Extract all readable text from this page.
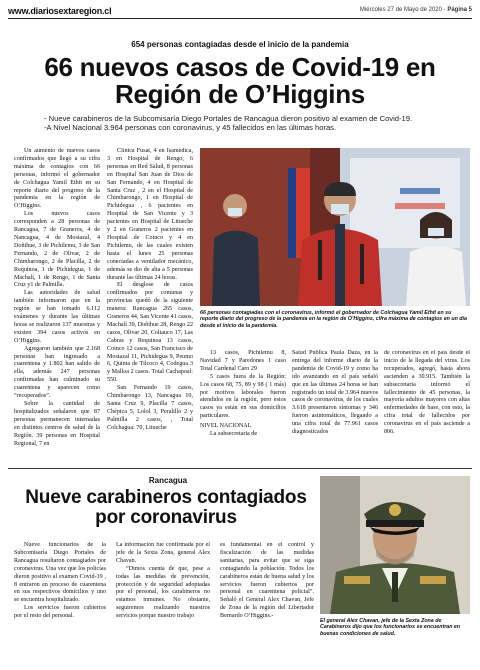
www.diariosextaregion.cl	Miércoles 27 de Mayo de 2020 - Página 5
654 personas contagiadas desde el inicio de la pandemia
66 nuevos casos de Covid-19 en Región de O’Higgins
- Nueve carabineros de la Subcomisaría Diego Portales de Rancagua dieron positivo al examen de Covid-19.
-A Nivel Nacional 3.964 personas con coronavirus, y 45 fallecidos en las últimas horas.

Un aumento de nuevos casos confirmados que llegó a su cifra máxima de contagios con 66 personas, informó el gobernador de Colchagua Yamil Ethit en su reporte diario del progreso de la pandemia en la región de O’Higgins.

Los nuevos casos corresponden a 28 personas de Rancagua, 7 de Graneros, 4 de Nancagua, 4 de Mostazal, 4 Doñihue, 3 de Pichilemu, 3 de San Fernando, 2 de Olivar, 2 de Chimbarongo, 2 de Placilla, 2 de Requinoa, 1 de Pichidegua, 1 de Machalí, 1 de Rengo, 1 de Santa Cruz y1 de Palmilla.

Las autoridades de salud también informaron que en la región se han tomado 6.112 exámenes y durante las últimas horas se realizaron 137 muestras y existen 394 casos activos en O’Higgins.

Agregaron también que 2.168 personas han ingresado a cuarentena y 1.802 han salido de ella, además 247 personas confirmadas han culminado su cuarentena y aparecen como “recuperados”.

Sobre la cantidad de hospitalizados señalaron que 87 personas permanecen internadas en distintos centros de salud de la Región. 39 personas en Hospital Regional, 7 en

Clínica Fusat, 4 en Isamédica, 3 en Hospital de Rengo, 6 personas en Red Salud, 8 personas en Hospital San Juan de Dios de San Fernando, 4 en Hospital de Santa Cruz , 2 en el Hospital de Chimbarongo, 1 en Hospital de Pichidegua , 6 pacientes en Hospital de San Vicente y 3 pacientes en Hospital de Litueche y 2 en Graneros 2 pacientes en Hospital de Coinco y 4 en Pichilemu, de las cuales existen hasta el lunes 25 personas conectadas a ventilador mecánico, además se dio de alta a 5 personas durante las últimas 24 horas.

El desglose de casos confirmados por comunas y provincias quedó de la siguiente manera: Rancagua 265 casos, Graneros 44, San Vicente 41 casos, Machalí 39, Doñihue 28, Rengo 22 casos, Olivar 20, Coltauco 17, Las Cabras y Requinoa 13 casos, Coinco 12 casos, San Francisco de Mostazal 11, Pichidegua 9, Peumo 6, Quinta de Tilcoco 4, Codegua 3 y Malloa 2 casos. Total Cachapoal: 550.

San Fernando 19 casos, Chimbarongo 13, Nancagua 10, Santa Cruz 9, Placilla 7 casos, Chépica 5, Lolol 3, Peralillo 2 y Palmilla 2 casos, , Total Colchagua: 70, Litueche

66 personas contagiadas con el coronavirus, informó el gobernador de Colchagua Yamil Ethit en su reporte diario del progreso de la pandemia en la región de O’Higgins, cifra máxima de contagios en un día desde el inicio de la pandemia.

13 casos, Pichilemu 8, Navidad 7 y Paredones 1 caso Total Cardenal Caro 29

5 casos fuera de la Región: Los casos 68, 75, 89 y 98 ( 1 más) por motivos laborales fueron atendidos en la región, pero estos casos ya están en sus domicilios particulares.

NIVEL NACIONAL

La subsecretaria de

Salud Pública Paula Daza, en la entrega del informe diario de la pandemia de Covid-19 y como ha ido avanzando en el país señaló que en las últimas 24 horas se han registrado un total de 3.964 nuevos casos de coronavirus, de los cuales 3.618 presentaron síntomas y 346 fueron asintomáticos, llegando a una cifra total de 77.961 casos diagnosticados

de coronavirus en el país desde el inicio de la llegada del virus. Los recuperados, agregó, hasta ahora ascienden a 30.915. También la subsecretaria informó el fallecimiento de 45 personas, la mayoría adultos mayores con altas enfermedades de base, con esto, la cifra total de fallecidos por coronavirus en el país asciende a 806.

Rancagua
Nueve carabineros contagiados por coronavirus

Nueve funcionarios de la Subcomisaría Diego Portales de Rancagua resultaron contagiados por coronavirus. Una vez que los policías dieron positivo al examen Covid-19 , 8 entraron en proceso de cuarentena en sus respectivos domicilios y uno se encuentra hospitalizado.

Los servicios fueron cubiertos por el resto del personal.

La información fue confirmada por el jefe de la Sexta Zona, general Alex Chavan.

“Dimos cuenta de que, pese a todas las medidas de prevención, protección y de seguridad adoptadas por el personal, los carabineros no estamos inmunes. No obstante, seguiremos realizando nuestros servicios porque nuestro trabajo

es fundamental en el control y fiscalización de las medidas sanitarias, para evitar que se siga contagiando la población. Todos los carabineros están de buena salud y los servicios fueron cubiertos por personal en cuarentena policial”. Señaló el General Alex Chavan, Jefe de Zona de la región del Libertador Bernardo O’Higgins.-

El general Alex Chavan, jefe de la Sexta Zona de Carabineros dijo que los funcionarios se encuentran en buenas condiciones de salud.
